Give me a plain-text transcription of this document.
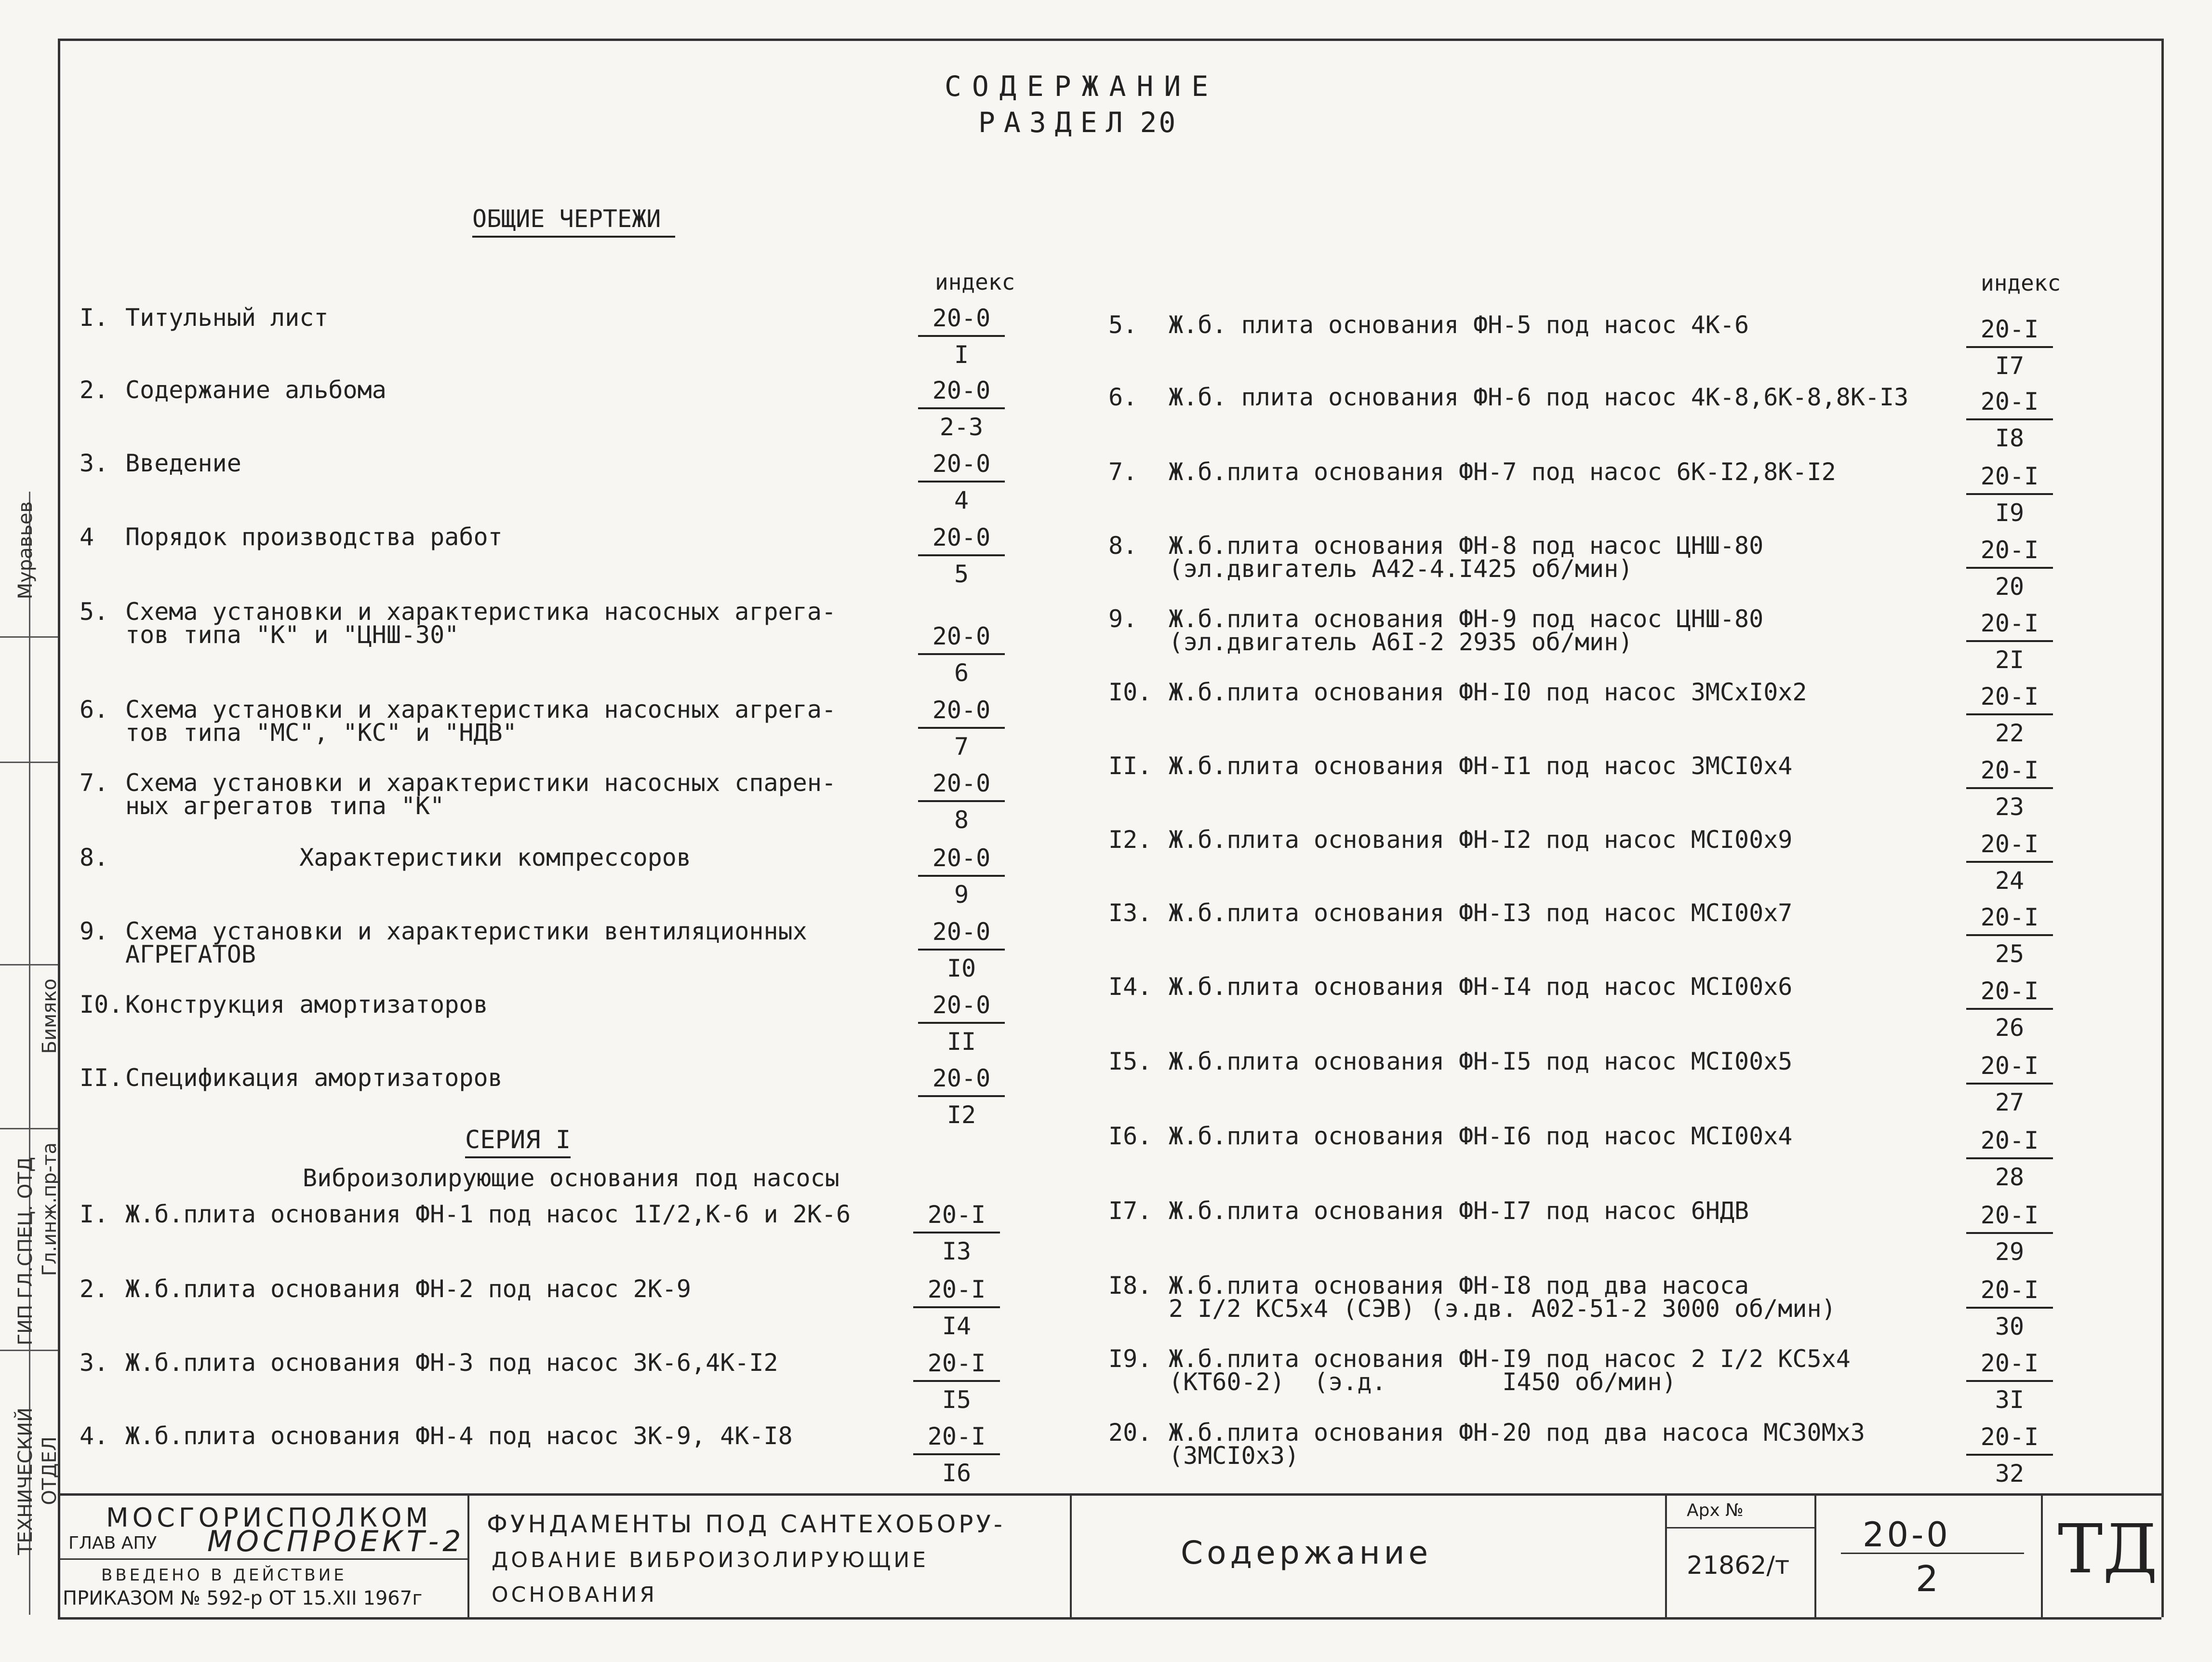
ТЕХНИЧЕСКИЙ ОТДЕЛ
ГИП ГЛ.СПЕЦ. ОТД Гл.инж.пр-та
Муравьев
Бимяко
СОДЕРЖАНИЕ
РАЗДЕЛ 20
ОБЩИЕ ЧЕРТЕЖИ
индекс	индекс
I. Титульный лист	20-0
I
2. Содержание альбома	20-0
2-3
3. Введение	20-0
4
4 Порядок производства работ	20-0
5
5. Схема установки и характеристика насосных агрега-
тов типа "К" и "ЦНШ-30"	20-0
6
6. Схема установки и характеристика насосных агрега-
тов типа "МС", "КС" и "НДВ"
20-0
7
7. Схема установки и характеристики насосных спарен-
ных агрегатов типа "К"
20-0
8
8.            Характеристики компрессоров	20-0
9
9. Схема установки и характеристики вентиляционных
АГРЕГАТОВ
20-0
I0
I0.Конструкция амортизаторов	20-0
II
II.Спецификация амортизаторов	20-0
I2
СЕРИЯ I
Виброизолирующие основания под насосы
I. Ж.б.плита основания ФН-1 под насос 1I/2,К-6 и 2К-6	20-I
I3
2. Ж.б.плита основания ФН-2 под насос 2К-9	20-I
I4
3. Ж.б.плита основания ФН-3 под насос 3К-6,4К-I2	20-I
I5
4. Ж.б.плита основания ФН-4 под насос 3К-9, 4К-I8	20-I
I6
5. Ж.б. плита основания ФН-5 под насос 4К-6	20-I
I7
6. Ж.б. плита основания ФН-6 под насос 4К-8,6К-8,8К-I3	20-I
I8
7. Ж.б.плита основания ФН-7 под насос 6К-I2,8К-I2	20-I
I9
8. Ж.б.плита основания ФН-8 под насос ЦНШ-80
(эл.двигатель А42-4.I425 об/мин)
20-I
20
9. Ж.б.плита основания ФН-9 под насос ЦНШ-80
(эл.двигатель А6I-2 2935 об/мин)
20-I
2I
I0. Ж.б.плита основания ФН-I0 под насос 3МСхI0х2	20-I
22
II. Ж.б.плита основания ФН-I1 под насос 3МСI0х4	20-I
23
I2. Ж.б.плита основания ФН-I2 под насос МСI00х9	20-I
24
I3. Ж.б.плита основания ФН-I3 под насос МСI00х7	20-I
25
I4. Ж.б.плита основания ФН-I4 под насос МСI00х6	20-I
26
I5. Ж.б.плита основания ФН-I5 под насос МСI00х5	20-I
27
I6. Ж.б.плита основания ФН-I6 под насос МСI00х4	20-I
28
I7. Ж.б.плита основания ФН-I7 под насос 6НДВ	20-I
29
I8. Ж.б.плита основания ФН-I8 под два насоса
2 I/2 КС5х4 (СЭВ) (э.дв. А02-51-2 3000 об/мин)
20-I
30
I9. Ж.б.плита основания ФН-I9 под насос 2 I/2 КС5х4
(КТ60-2)  (э.д.        I450 об/мин)
20-I
3I
20. Ж.б.плита основания ФН-20 под два насоса МС30Мх3
(3МСI0х3)
20-I
32
МОСГОРИСПОЛКОМ
ГЛАВ АПУ МОСПРОЕКТ-2
ВВЕДЕНО В ДЕЙСТВИЕ
ПРИКАЗОМ № 592-р ОТ 15.XII 1967г
ФУНДАМЕНТЫ ПОД САНТЕХОБОРУ-
ДОВАНИЕ ВИБРОИЗОЛИРУЮЩИЕ
ОСНОВАНИЯ
Содержание
Арх №
21862/т
20-0
2 ТД
